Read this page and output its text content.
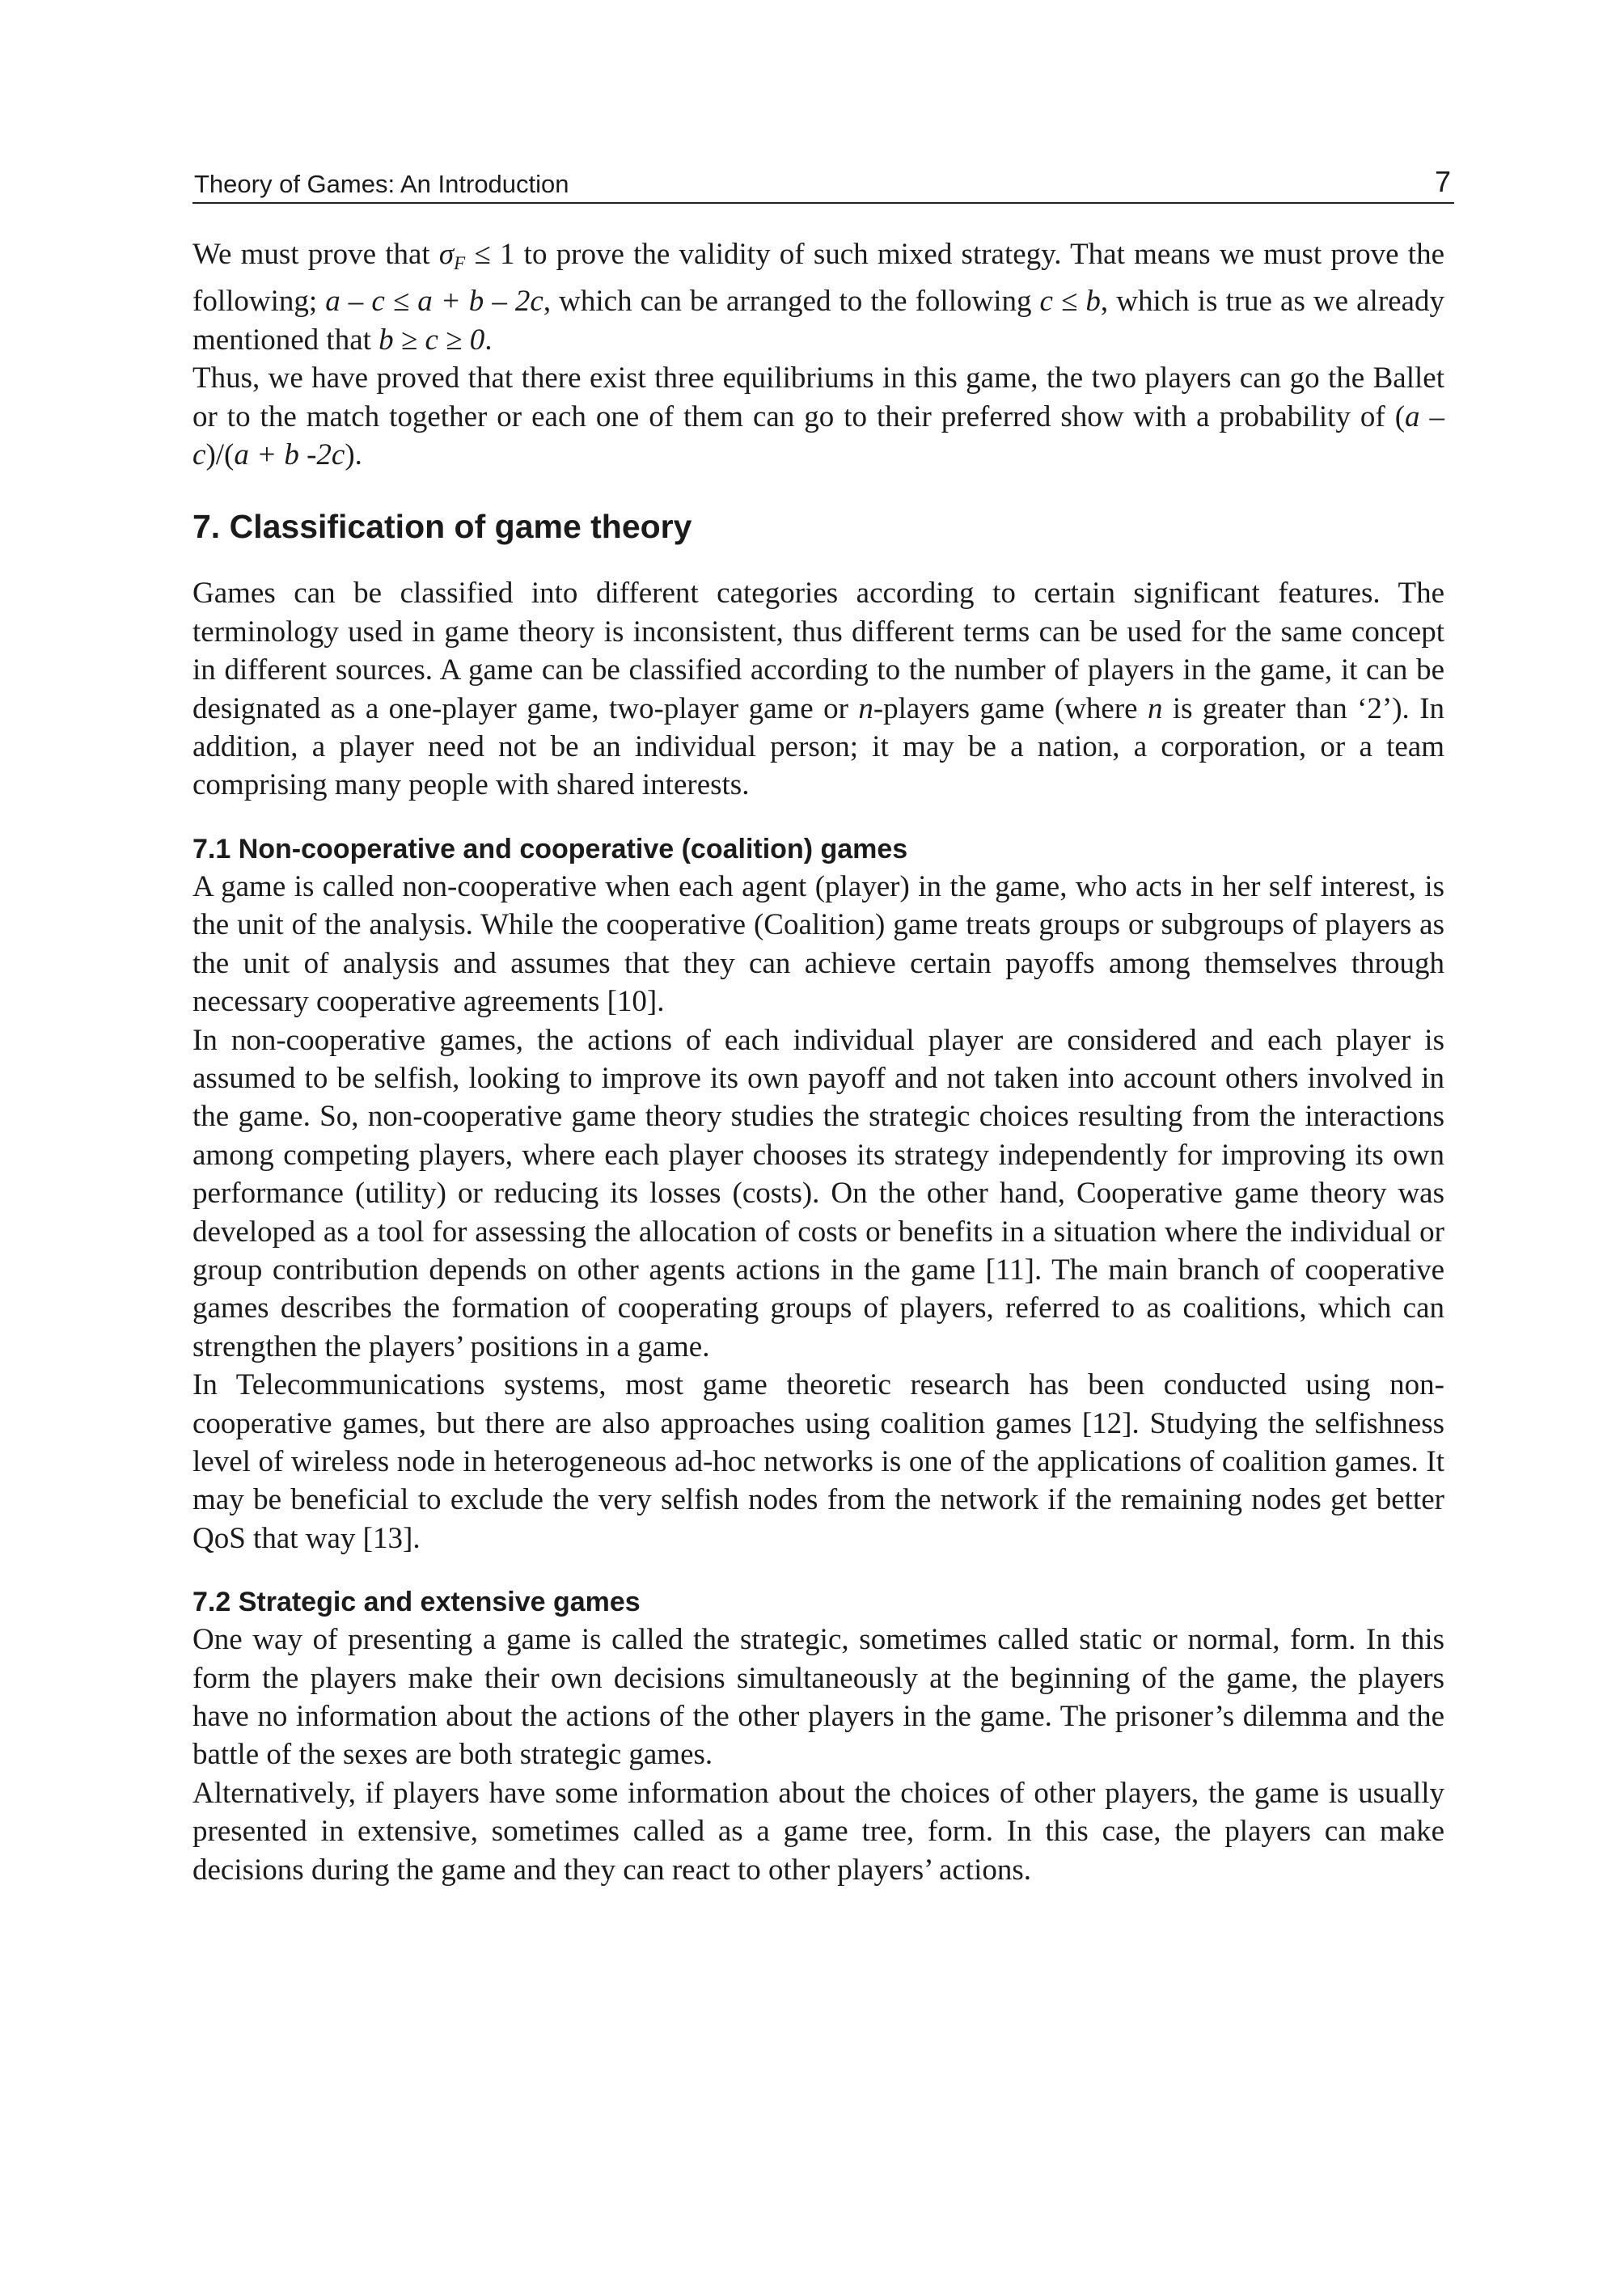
Theory of Games: An Introduction	7

We must prove that $\sigma_F \le 1$ to prove the validity of such mixed strategy. That means we must prove the following; a – c ≤ a + b – 2c, which can be arranged to the following c ≤ b, which is true as we already mentioned that b ≥ c ≥ 0.

Thus, we have proved that there exist three equilibriums in this game, the two players can go the Ballet or to the match together or each one of them can go to their preferred show with a probability of (a – c)/(a + b -2c).

7. Classification of game theory

Games can be classified into different categories according to certain significant features. The terminology used in game theory is inconsistent, thus different terms can be used for the same concept in different sources. A game can be classified according to the number of players in the game, it can be designated as a one-player game, two-player game or n-players game (where n is greater than ‘2’). In addition, a player need not be an individual person; it may be a nation, a corporation, or a team comprising many people with shared interests.

7.1 Non-cooperative and cooperative (coalition) games

A game is called non-cooperative when each agent (player) in the game, who acts in her self interest, is the unit of the analysis. While the cooperative (Coalition) game treats groups or subgroups of players as the unit of analysis and assumes that they can achieve certain payoffs among themselves through necessary cooperative agreements [10].

In non-cooperative games, the actions of each individual player are considered and each player is assumed to be selfish, looking to improve its own payoff and not taken into account others involved in the game. So, non-cooperative game theory studies the strategic choices resulting from the interactions among competing players, where each player chooses its strategy independently for improving its own performance (utility) or reducing its losses (costs). On the other hand, Cooperative game theory was developed as a tool for assessing the allocation of costs or benefits in a situation where the individual or group contribution depends on other agents actions in the game [11]. The main branch of cooperative games describes the formation of cooperating groups of players, referred to as coalitions, which can strengthen the players’ positions in a game.

In Telecommunications systems, most game theoretic research has been conducted using non-cooperative games, but there are also approaches using coalition games [12]. Studying the selfishness level of wireless node in heterogeneous ad-hoc networks is one of the applications of coalition games. It may be beneficial to exclude the very selfish nodes from the network if the remaining nodes get better QoS that way [13].

7.2 Strategic and extensive games

One way of presenting a game is called the strategic, sometimes called static or normal, form. In this form the players make their own decisions simultaneously at the beginning of the game, the players have no information about the actions of the other players in the game. The prisoner’s dilemma and the battle of the sexes are both strategic games.

Alternatively, if players have some information about the choices of other players, the game is usually presented in extensive, sometimes called as a game tree, form. In this case, the players can make decisions during the game and they can react to other players’ actions.
